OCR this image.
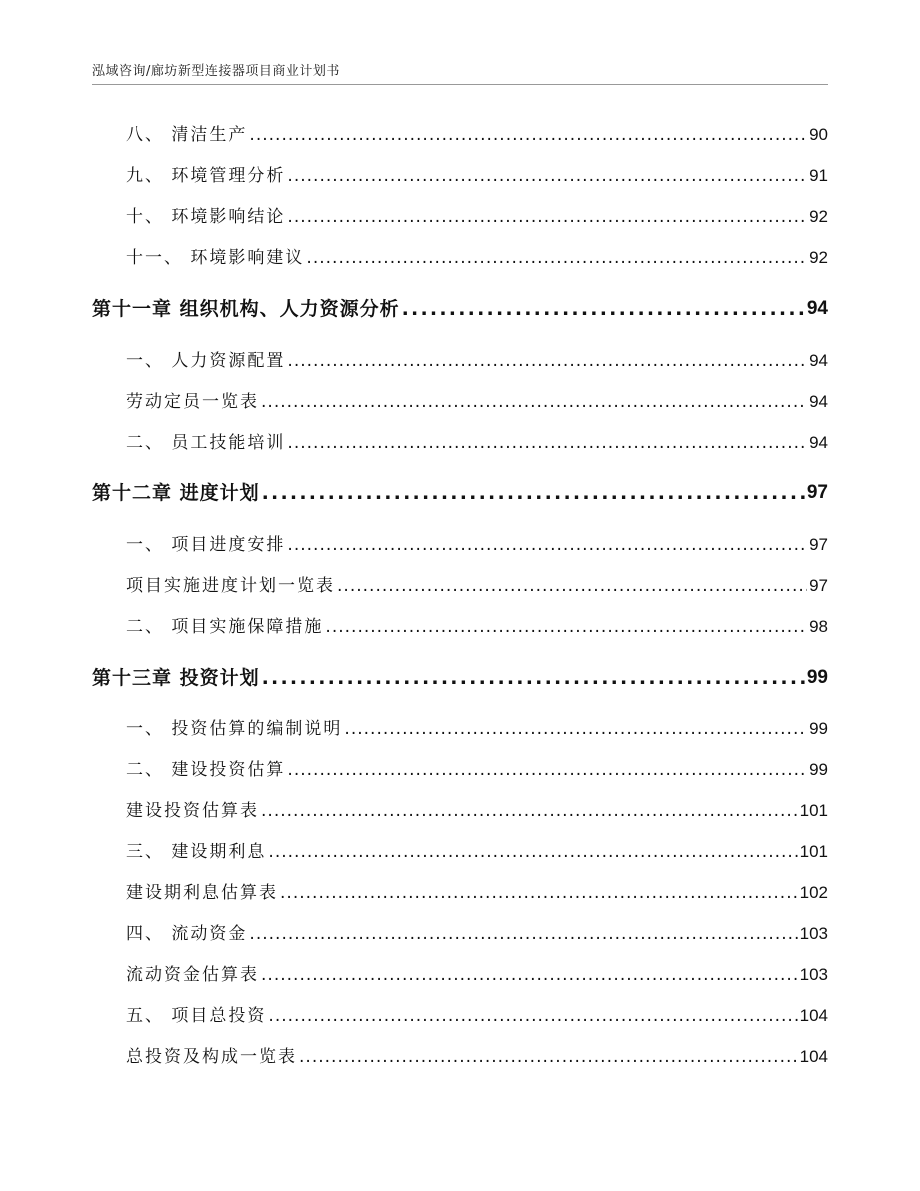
泓域咨询/廊坊新型连接器项目商业计划书
八、 清洁生产 . . .	90
九、 环境管理分析 . . .	91
十、 环境影响结论 . . .	92
十一、 环境影响建议 . . .	92
第十一章 组织机构、人力资源分析 . . .	94
一、 人力资源配置 . . .	94
劳动定员一览表 . . .	94
二、 员工技能培训 . . .	94
第十二章 进度计划 . . .	97
一、 项目进度安排 . . .	97
项目实施进度计划一览表 . . .	97
二、 项目实施保障措施 . . .	98
第十三章 投资计划 . . .	99
一、 投资估算的编制说明 . . .	99
二、 建设投资估算 . . .	99
建设投资估算表 . . .	101
三、 建设期利息 . . .	101
建设期利息估算表 . . .	102
四、 流动资金 . . .	103
流动资金估算表 . . .	103
五、 项目总投资 . . .	104
总投资及构成一览表 . . .	104
